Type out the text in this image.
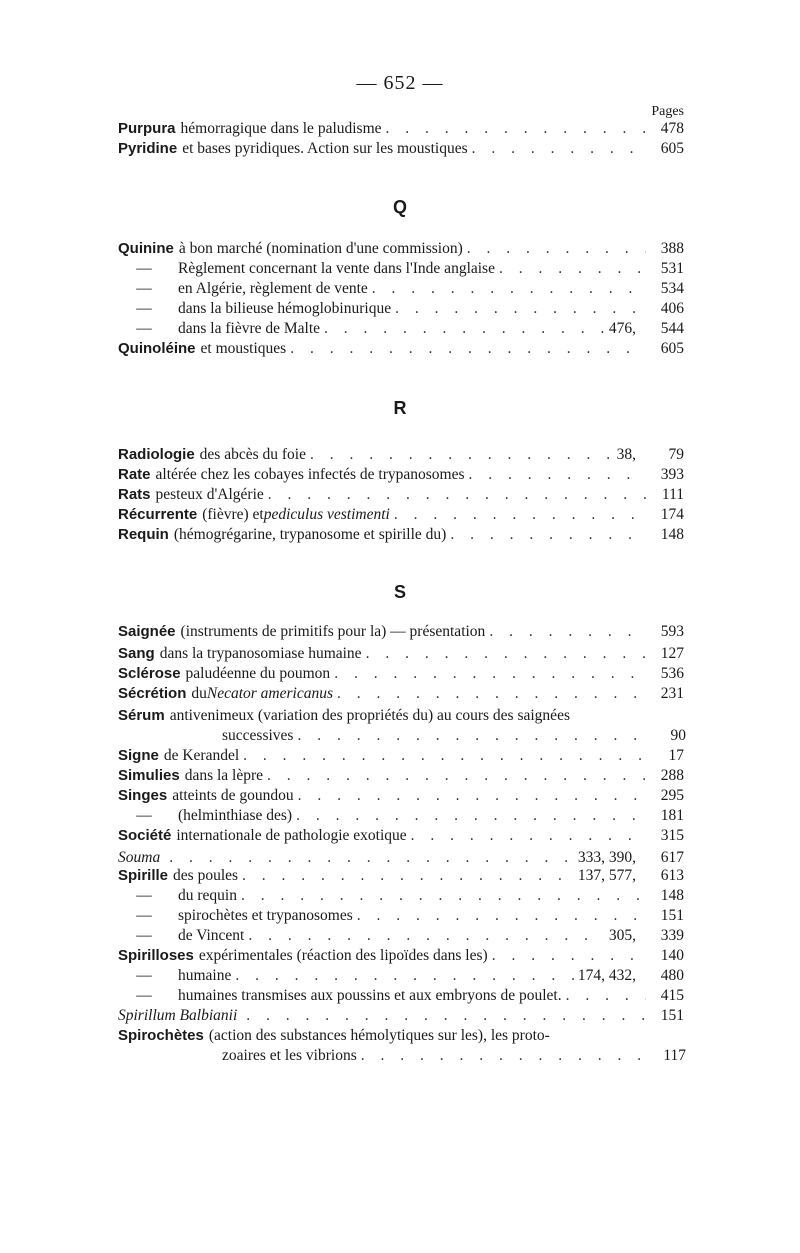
— 652 —
Pages
Purpura hémorragique dans le paludisme . . .	478
Pyridine et bases pyridiques. Action sur les moustiques . . .	605
Q
Quinine à bon marché (nomination d'une commission) . . .	388
—	Règlement concernant la vente dans l'Inde anglaise . . .	531
—	en Algérie, règlement de vente . . .	534
—	dans la bilieuse hémoglobinurique . . .	406
—	dans la fièvre de Malte . . .	476,	544
Quinoléine et moustiques . . .	605
R
Radiologie des abcès du foie . . .	38,	79
Rate altérée chez les cobayes infectés de trypanosomes . . .	393
Rats pesteux d'Algérie . . .	111
Récurrente (fièvre) et pediculus vestimenti . . .	174
Requin (hémogrégarine, trypanosome et spirille du) . . .	148
S
Saignée (instruments de primitifs pour la) — présentation . . .	593
Sang dans la trypanosomiase humaine . . .	127
Sclérose paludéenne du poumon . . .	536
Sécrétion du Necator americanus . . .	231
Sérum antivenimeux (variation des propriétés du) au cours des saignées
successives . . .	90
Signe de Kerandel . . .	17
Simulies dans la lèpre . . .	288
Singes atteints de goundou . . .	295
—	(helminthiase des) . . .	181
Société internationale de pathologie exotique . . .	315
Souma . . .	333, 390,	617
Spirille des poules . . .	137, 577,	613
—	du requin . . .	148
—	spirochètes et trypanosomes . . .	151
—	de Vincent . . .	305,	339
Spirilloses expérimentales (réaction des lipoïdes dans les) . . .	140
—	humaine . . .	174, 432,	480
—	humaines transmises aux poussins et aux embryons de poulet. . . .	415
Spirillum Balbianii . . .	151
Spirochètes (action des substances hémolytiques sur les), les proto-
zoaires et les vibrions . . .	117
